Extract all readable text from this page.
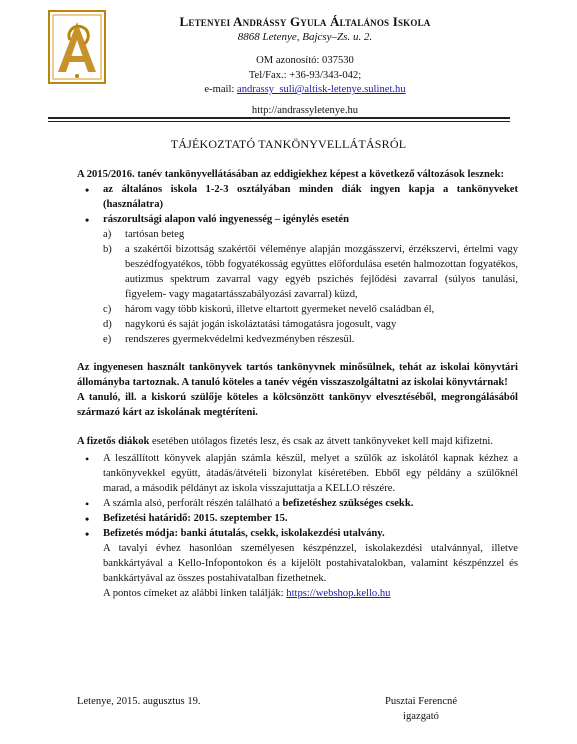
Letenyei Andrássy Gyula Általános Iskola
8868 Letenye, Bajcsy–Zs. u. 2.
OM azonosító: 037530
Tel/Fax.: +36-93/343-042;
e-mail: andrassy_suli@altisk-letenye.sulinet.hu
http://andrassyletenye.hu
TÁJÉKOZTATÓ TANKÖNYVELLÁTÁSRÓL

A 2015/2016. tanév tankönyvellátásában az eddigiekhez képest a következő változások lesznek:

• az általános iskola 1-2-3 osztályában minden diák ingyen kapja a tankönyveket (használatra)
• rászorultsági alapon való ingyenesség – igénylés esetén
a) tartósan beteg
b) a szakértői bizottság szakértői véleménye alapján mozgásszervi, érzékszervi, értelmi vagy beszédfogyatékos, több fogyatékosság együttes előfordulása esetén halmozottan fogyatékos, autizmus spektrum zavarral vagy egyéb pszichés fejlődési zavarral (súlyos tanulási, figyelem- vagy magatartásszabályozási zavarral) küzd,
c) három vagy több kiskorú, illetve eltartott gyermeket nevelő családban él,
d) nagykorú és saját jogán iskoláztatási támogatásra jogosult, vagy
e) rendszeres gyermekvédelmi kedvezményben részesül.

Az ingyenesen használt tankönyvek tartós tankönyvnek minősülnek, tehát az iskolai könyvtári állományba tartoznak. A tanuló köteles a tanév végén visszaszolgáltatni az iskolai könyvtárnak!

A tanuló, ill. a kiskorú szülője köteles a kölcsönzött tankönyv elvesztéséből, megrongálásából származó kárt az iskolának megtéríteni.

A fizetős diákok esetében utólagos fizetés lesz, és csak az átvett tankönyveket kell majd kifizetni.

• A leszállított könyvek alapján számla készül, melyet a szülők az iskolától kapnak kézhez a tankönyvekkel együtt, átadás/átvételi bizonylat kíséretében. Ebből egy példány a szülőknél marad, a második példányt az iskola visszajuttatja a KELLO részére.
• A számla alsó, perforált részén található a befizetéshez szükséges csekk.
• Befizetési határidő: 2015. szeptember 15.
• Befizetés módja: banki átutalás, csekk, iskolakezdési utalvány.
A tavalyi évhez hasonlóan személyesen készpénzzel, iskolakezdési utalvánnyal, illetve bankkártyával a Kello-Infopontokon és a kijelölt postahivatalokban, valamint készpénzzel és bankkártyával az összes postahivatalban fizethetnek.
A pontos címeket az alábbi linken találják: https://webshop.kello.hu
Letenye, 2015. augusztus 19.	Pusztai Ferencné
igazgató
